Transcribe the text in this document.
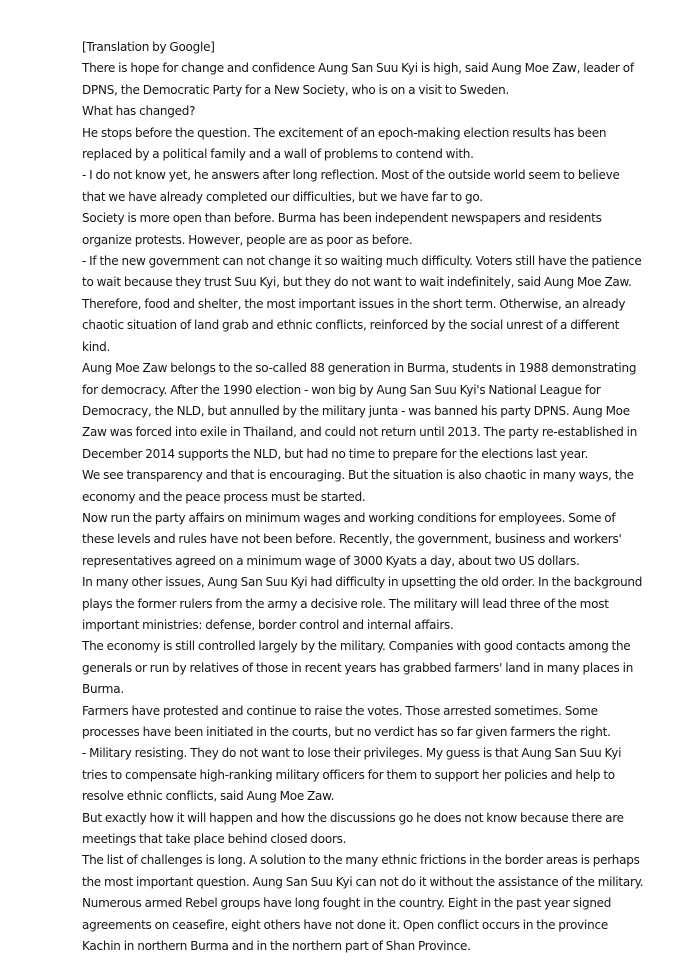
[Translation by Google]

There is hope for change and confidence Aung San Suu Kyi is high, said Aung Moe Zaw, leader of DPNS, the Democratic Party for a New Society, who is on a visit to Sweden.

What has changed?

He stops before the question. The excitement of an epoch-making election results has been replaced by a political family and a wall of problems to contend with.

- I do not know yet, he answers after long reflection. Most of the outside world seem to believe that we have already completed our difficulties, but we have far to go.

Society is more open than before. Burma has been independent newspapers and residents organize protests. However, people are as poor as before.

- If the new government can not change it so waiting much difficulty. Voters still have the patience to wait because they trust Suu Kyi, but they do not want to wait indefinitely, said Aung Moe Zaw.

Therefore, food and shelter, the most important issues in the short term. Otherwise, an already chaotic situation of land grab and ethnic conflicts, reinforced by the social unrest of a different kind.

Aung Moe Zaw belongs to the so-called 88 generation in Burma, students in 1988 demonstrating for democracy. After the 1990 election - won big by Aung San Suu Kyi's National League for Democracy, the NLD, but annulled by the military junta - was banned his party DPNS. Aung Moe Zaw was forced into exile in Thailand, and could not return until 2013. The party re-established in December 2014 supports the NLD, but had no time to prepare for the elections last year.

We see transparency and that is encouraging. But the situation is also chaotic in many ways, the economy and the peace process must be started.

Now run the party affairs on minimum wages and working conditions for employees. Some of these levels and rules have not been before. Recently, the government, business and workers' representatives agreed on a minimum wage of 3000 Kyats a day, about two US dollars.

In many other issues, Aung San Suu Kyi had difficulty in upsetting the old order. In the background plays the former rulers from the army a decisive role. The military will lead three of the most important ministries: defense, border control and internal affairs.

The economy is still controlled largely by the military. Companies with good contacts among the generals or run by relatives of those in recent years has grabbed farmers' land in many places in Burma.

Farmers have protested and continue to raise the votes. Those arrested sometimes. Some processes have been initiated in the courts, but no verdict has so far given farmers the right.

- Military resisting. They do not want to lose their privileges. My guess is that Aung San Suu Kyi tries to compensate high-ranking military officers for them to support her policies and help to resolve ethnic conflicts, said Aung Moe Zaw.

But exactly how it will happen and how the discussions go he does not know because there are meetings that take place behind closed doors.

The list of challenges is long. A solution to the many ethnic frictions in the border areas is perhaps the most important question. Aung San Suu Kyi can not do it without the assistance of the military.

Numerous armed Rebel groups have long fought in the country. Eight in the past year signed agreements on ceasefire, eight others have not done it. Open conflict occurs in the province Kachin in northern Burma and in the northern part of Shan Province.
